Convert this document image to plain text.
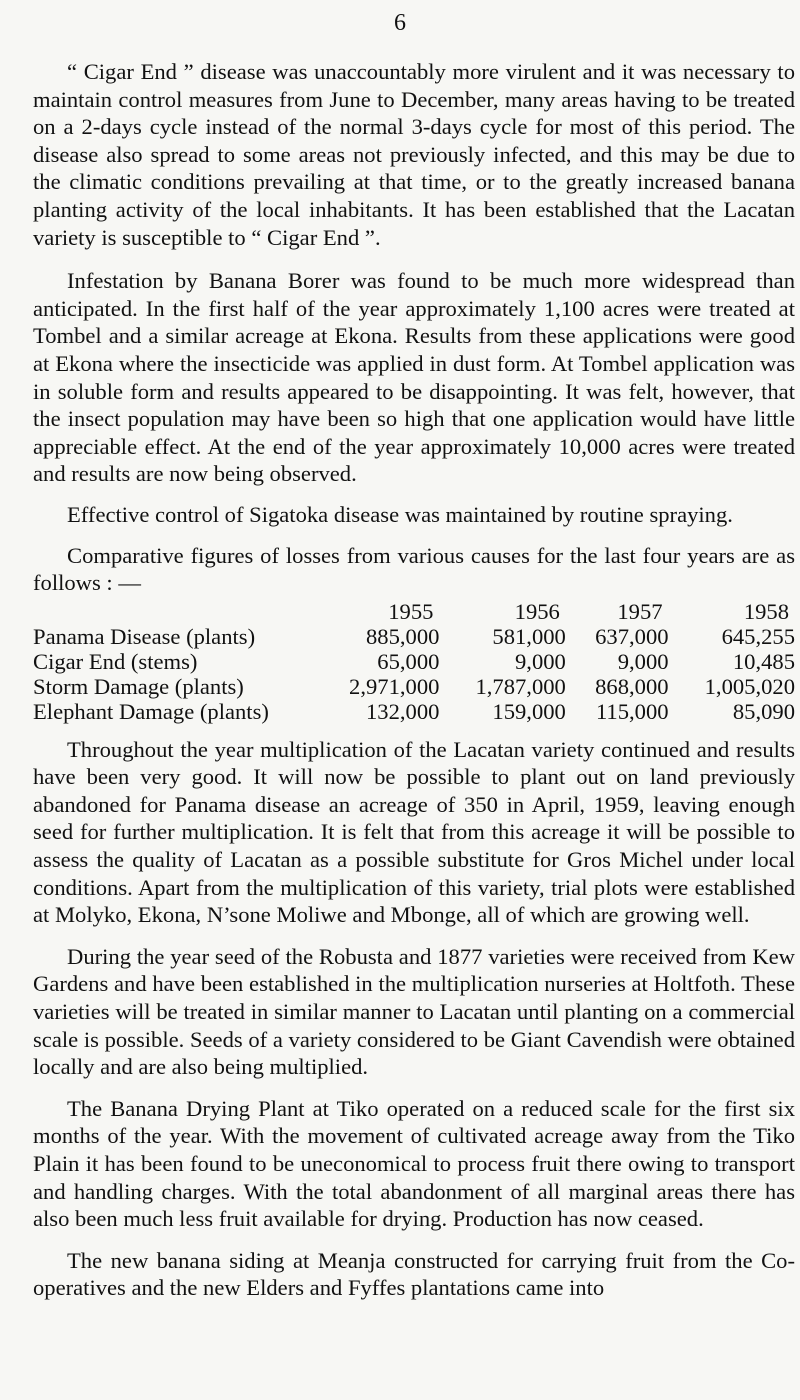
6

“ Cigar End ” disease was unaccountably more virulent and it was necessary to maintain control measures from June to December, many areas having to be treated on a 2-days cycle instead of the normal 3-days cycle for most of this period. The disease also spread to some areas not previously infected, and this may be due to the climatic conditions prevailing at that time, or to the greatly increased banana planting activity of the local inhabitants. It has been established that the Lacatan variety is susceptible to “ Cigar End ”.

Infestation by Banana Borer was found to be much more widespread than anticipated. In the first half of the year approximately 1,100 acres were treated at Tombel and a similar acreage at Ekona. Results from these applications were good at Ekona where the insecticide was applied in dust form. At Tombel application was in soluble form and results appeared to be disappointing. It was felt, however, that the insect population may have been so high that one application would have little appreciable effect. At the end of the year approximately 10,000 acres were treated and results are now being observed.

Effective control of Sigatoka disease was maintained by routine spraying.

Comparative figures of losses from various causes for the last four years are as follows : —

	1955	1956	1957	1958
Panama Disease (plants)	885,000	581,000	637,000	645,255
Cigar End (stems)	65,000	9,000	9,000	10,485
Storm Damage (plants)	2,971,000	1,787,000	868,000	1,005,020
Elephant Damage (plants)	132,000	159,000	115,000	85,090

Throughout the year multiplication of the Lacatan variety continued and results have been very good. It will now be possible to plant out on land previously abandoned for Panama disease an acreage of 350 in April, 1959, leaving enough seed for further multiplication. It is felt that from this acreage it will be possible to assess the quality of Lacatan as a possible substitute for Gros Michel under local conditions. Apart from the multiplication of this variety, trial plots were established at Molyko, Ekona, N’sone Moliwe and Mbonge, all of which are growing well.

During the year seed of the Robusta and 1877 varieties were received from Kew Gardens and have been established in the multiplication nurseries at Holtfoth. These varieties will be treated in similar manner to Lacatan until planting on a commercial scale is possible. Seeds of a variety considered to be Giant Cavendish were obtained locally and are also being multiplied.

The Banana Drying Plant at Tiko operated on a reduced scale for the first six months of the year. With the movement of cultivated acreage away from the Tiko Plain it has been found to be uneconomical to process fruit there owing to transport and handling charges. With the total abandonment of all marginal areas there has also been much less fruit available for drying. Production has now ceased.

The new banana siding at Meanja constructed for carrying fruit from the Co-operatives and the new Elders and Fyffes plantations came into
